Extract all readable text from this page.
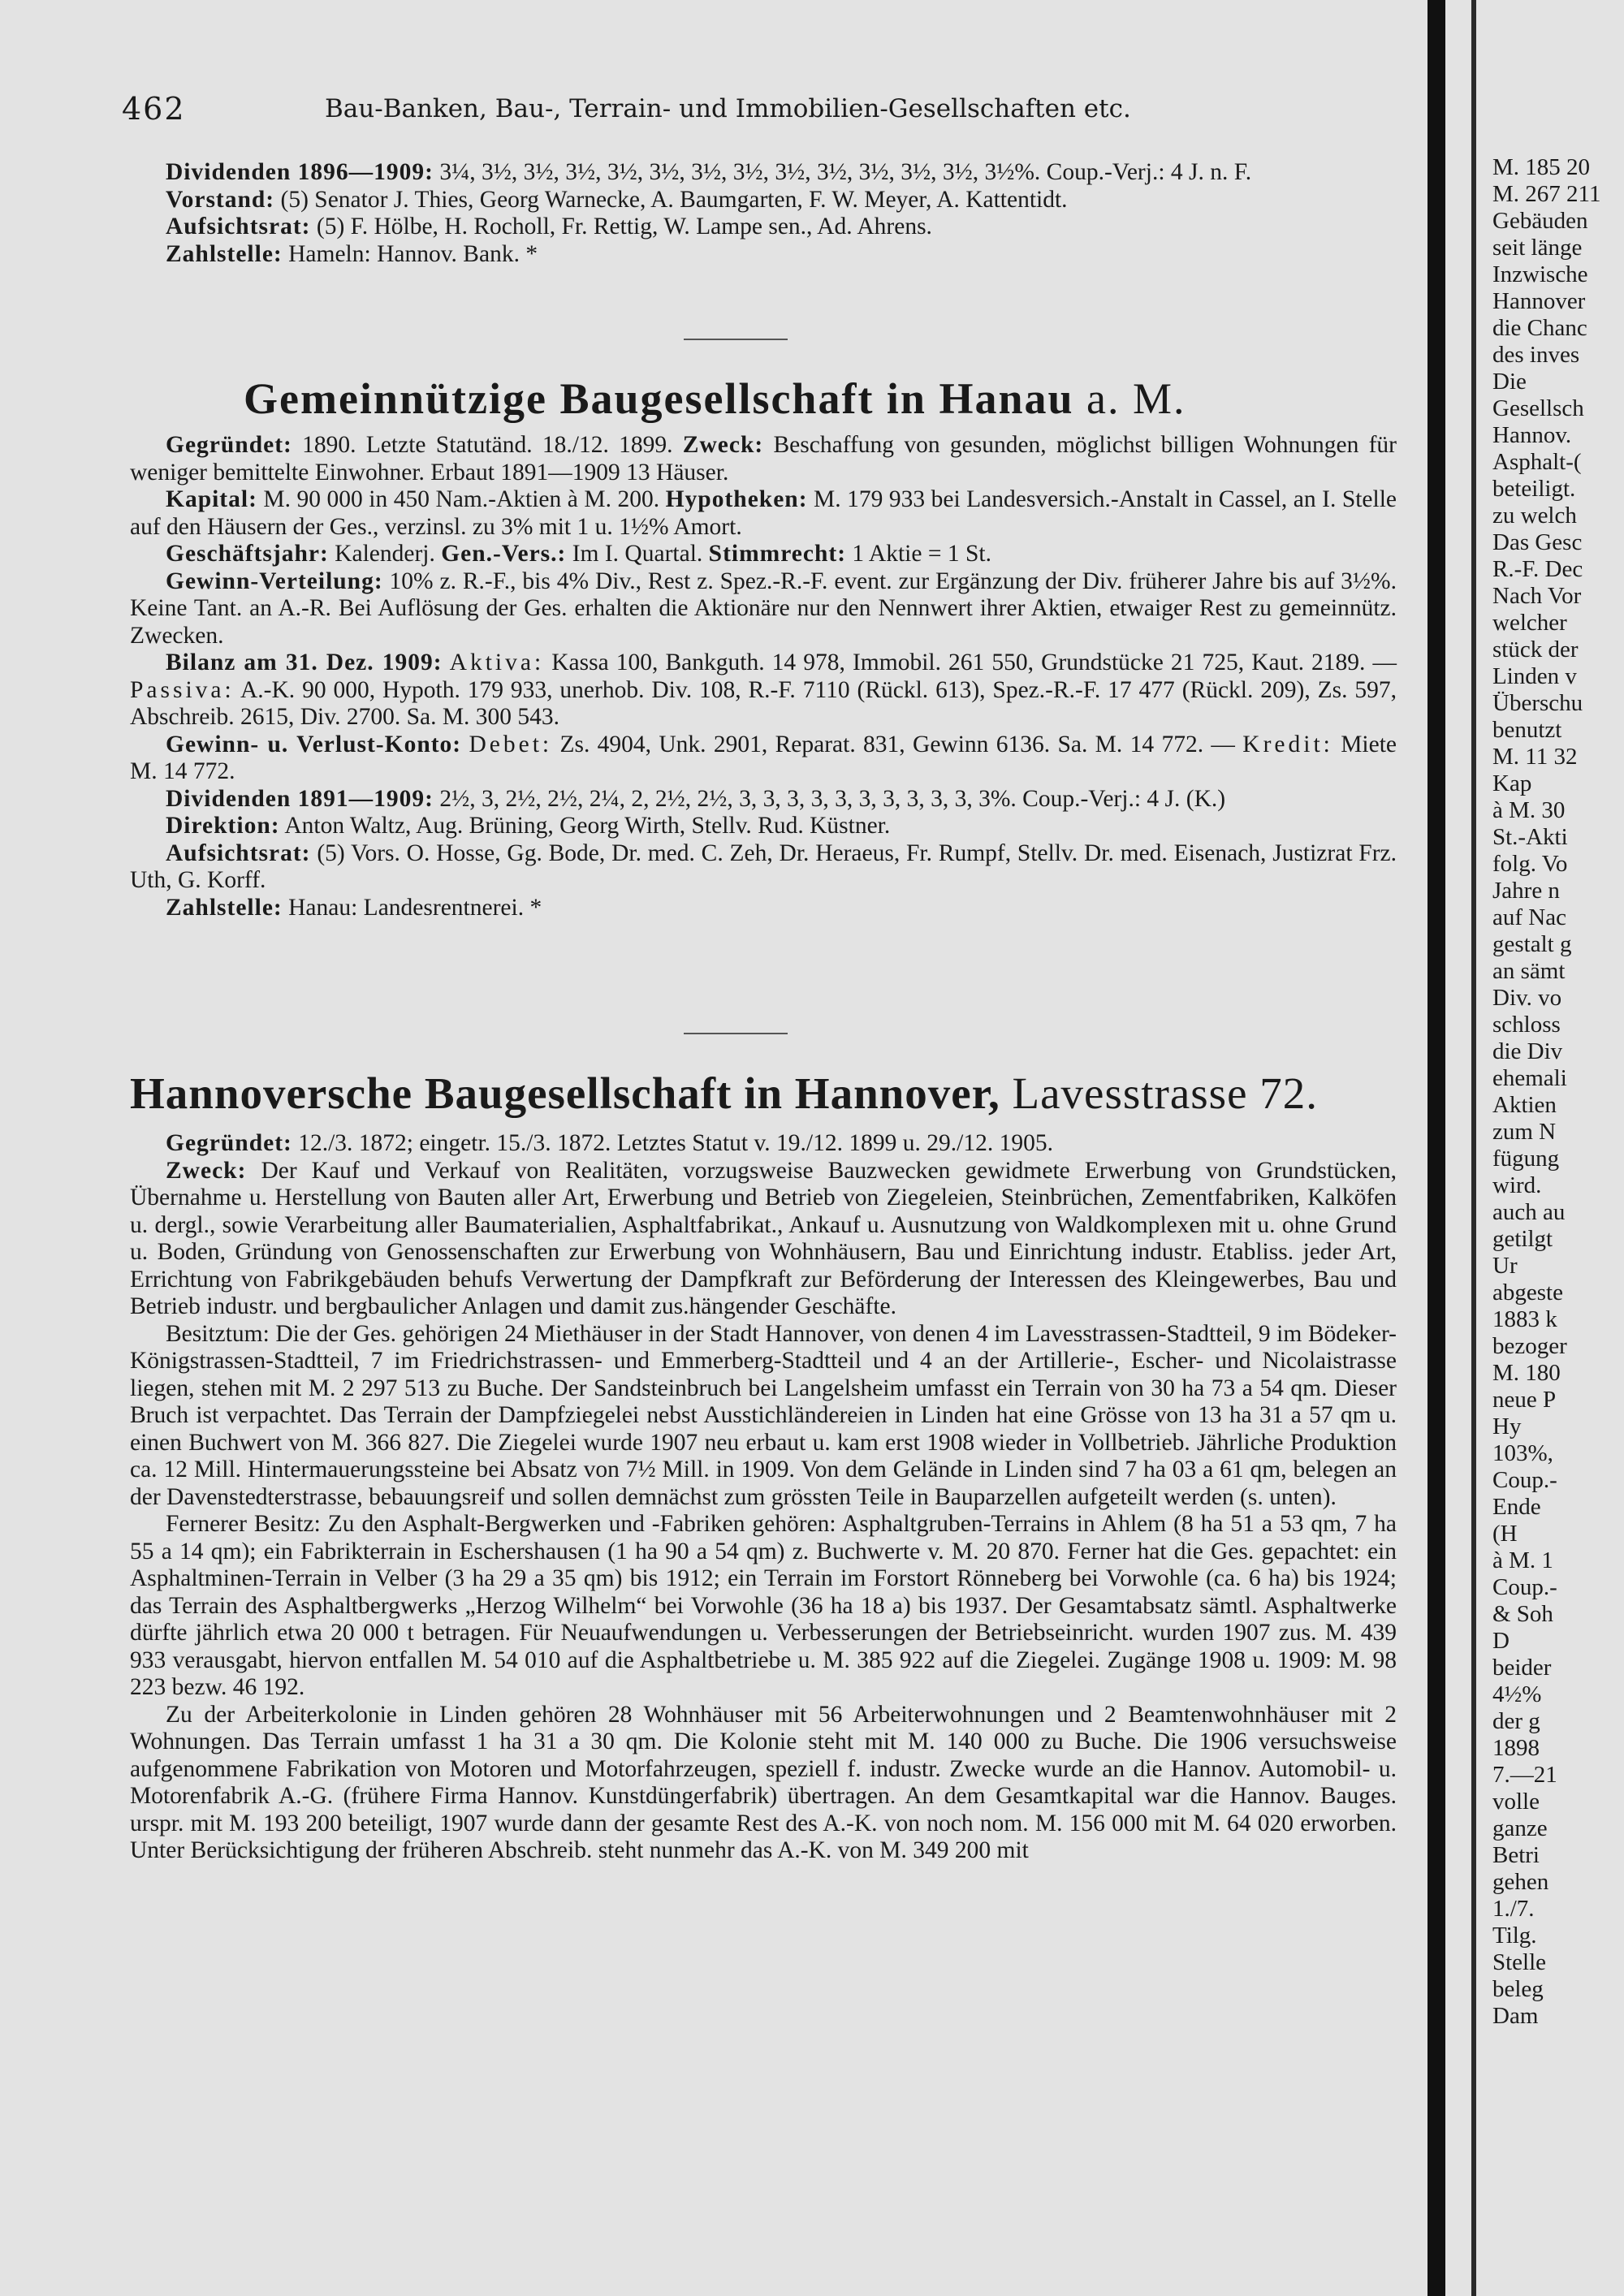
462	Bau-Banken, Bau-, Terrain- und Immobilien-Gesellschaften etc.

Dividenden 1896—1909: 3¼, 3½, 3½, 3½, 3½, 3½, 3½, 3½, 3½, 3½, 3½, 3½, 3½, 3½%. Coup.-Verj.: 4 J. n. F.

Vorstand: (5) Senator J. Thies, Georg Warnecke, A. Baumgarten, F. W. Meyer, A. Kattentidt.

Aufsichtsrat: (5) F. Hölbe, H. Rocholl, Fr. Rettig, W. Lampe sen., Ad. Ahrens.

Zahlstelle: Hameln: Hannov. Bank. *

Gemeinnützige Baugesellschaft in Hanau a. M.

Gegründet: 1890. Letzte Statutänd. 18./12. 1899. Zweck: Beschaffung von gesunden, möglichst billigen Wohnungen für weniger bemittelte Einwohner. Erbaut 1891—1909 13 Häuser.

Kapital: M. 90 000 in 450 Nam.-Aktien à M. 200. Hypotheken: M. 179 933 bei Landesversich.-Anstalt in Cassel, an I. Stelle auf den Häusern der Ges., verzinsl. zu 3% mit 1 u. 1½% Amort.

Geschäftsjahr: Kalenderj. Gen.-Vers.: Im I. Quartal. Stimmrecht: 1 Aktie = 1 St.

Gewinn-Verteilung: 10% z. R.-F., bis 4% Div., Rest z. Spez.-R.-F. event. zur Ergänzung der Div. früherer Jahre bis auf 3½%. Keine Tant. an A.-R. Bei Auflösung der Ges. erhalten die Aktionäre nur den Nennwert ihrer Aktien, etwaiger Rest zu gemeinnütz. Zwecken.

Bilanz am 31. Dez. 1909: Aktiva: Kassa 100, Bankguth. 14 978, Immobil. 261 550, Grundstücke 21 725, Kaut. 2189. — Passiva: A.-K. 90 000, Hypoth. 179 933, unerhob. Div. 108, R.-F. 7110 (Rückl. 613), Spez.-R.-F. 17 477 (Rückl. 209), Zs. 597, Abschreib. 2615, Div. 2700. Sa. M. 300 543.

Gewinn- u. Verlust-Konto: Debet: Zs. 4904, Unk. 2901, Reparat. 831, Gewinn 6136. Sa. M. 14 772. — Kredit: Miete M. 14 772.

Dividenden 1891—1909: 2½, 3, 2½, 2½, 2¼, 2, 2½, 2½, 3, 3, 3, 3, 3, 3, 3, 3, 3, 3, 3%. Coup.-Verj.: 4 J. (K.)

Direktion: Anton Waltz, Aug. Brüning, Georg Wirth, Stellv. Rud. Küstner.

Aufsichtsrat: (5) Vors. O. Hosse, Gg. Bode, Dr. med. C. Zeh, Dr. Heraeus, Fr. Rumpf, Stellv. Dr. med. Eisenach, Justizrat Frz. Uth, G. Korff.

Zahlstelle: Hanau: Landesrentnerei. *

Hannoversche Baugesellschaft in Hannover, Lavesstrasse 72.

Gegründet: 12./3. 1872; eingetr. 15./3. 1872. Letztes Statut v. 19./12. 1899 u. 29./12. 1905.

Zweck: Der Kauf und Verkauf von Realitäten, vorzugsweise Bauzwecken gewidmete Erwerbung von Grundstücken, Übernahme u. Herstellung von Bauten aller Art, Erwerbung und Betrieb von Ziegeleien, Steinbrüchen, Zementfabriken, Kalköfen u. dergl., sowie Verarbeitung aller Baumaterialien, Asphaltfabrikat., Ankauf u. Ausnutzung von Waldkomplexen mit u. ohne Grund u. Boden, Gründung von Genossenschaften zur Erwerbung von Wohnhäusern, Bau und Einrichtung industr. Etabliss. jeder Art, Errichtung von Fabrikgebäuden behufs Verwertung der Dampfkraft zur Beförderung der Interessen des Kleingewerbes, Bau und Betrieb industr. und bergbaulicher Anlagen und damit zus.hängender Geschäfte.

Besitztum: Die der Ges. gehörigen 24 Miethäuser in der Stadt Hannover, von denen 4 im Lavesstrassen-Stadtteil, 9 im Bödeker-Königstrassen-Stadtteil, 7 im Friedrichstrassen- und Emmerberg-Stadtteil und 4 an der Artillerie-, Escher- und Nicolaistrasse liegen, stehen mit M. 2 297 513 zu Buche. Der Sandsteinbruch bei Langelsheim umfasst ein Terrain von 30 ha 73 a 54 qm. Dieser Bruch ist verpachtet. Das Terrain der Dampfziegelei nebst Ausstichländereien in Linden hat eine Grösse von 13 ha 31 a 57 qm u. einen Buchwert von M. 366 827. Die Ziegelei wurde 1907 neu erbaut u. kam erst 1908 wieder in Vollbetrieb. Jährliche Produktion ca. 12 Mill. Hintermauerungssteine bei Absatz von 7½ Mill. in 1909. Von dem Gelände in Linden sind 7 ha 03 a 61 qm, belegen an der Davenstedterstrasse, bebauungsreif und sollen demnächst zum grössten Teile in Bauparzellen aufgeteilt werden (s. unten).

Fernerer Besitz: Zu den Asphalt-Bergwerken und -Fabriken gehören: Asphaltgruben-Terrains in Ahlem (8 ha 51 a 53 qm, 7 ha 55 a 14 qm); ein Fabrikterrain in Eschershausen (1 ha 90 a 54 qm) z. Buchwerte v. M. 20 870. Ferner hat die Ges. gepachtet: ein Asphaltminen-Terrain in Velber (3 ha 29 a 35 qm) bis 1912; ein Terrain im Forstort Rönneberg bei Vorwohle (ca. 6 ha) bis 1924; das Terrain des Asphaltbergwerks „Herzog Wilhelm“ bei Vorwohle (36 ha 18 a) bis 1937. Der Gesamtabsatz sämtl. Asphaltwerke dürfte jährlich etwa 20 000 t betragen. Für Neuaufwendungen u. Verbesserungen der Betriebseinricht. wurden 1907 zus. M. 439 933 verausgabt, hiervon entfallen M. 54 010 auf die Asphaltbetriebe u. M. 385 922 auf die Ziegelei. Zugänge 1908 u. 1909: M. 98 223 bezw. 46 192.

Zu der Arbeiterkolonie in Linden gehören 28 Wohnhäuser mit 56 Arbeiterwohnungen und 2 Beamtenwohnhäuser mit 2 Wohnungen. Das Terrain umfasst 1 ha 31 a 30 qm. Die Kolonie steht mit M. 140 000 zu Buche. Die 1906 versuchsweise aufgenommene Fabrikation von Motoren und Motorfahrzeugen, speziell f. industr. Zwecke wurde an die Hannov. Automobil- u. Motorenfabrik A.-G. (frühere Firma Hannov. Kunstdüngerfabrik) übertragen. An dem Gesamtkapital war die Hannov. Bauges. urspr. mit M. 193 200 beteiligt, 1907 wurde dann der gesamte Rest des A.-K. von noch nom. M. 156 000 mit M. 64 020 erworben. Unter Berücksichtigung der früheren Abschreib. steht nunmehr das A.-K. von M. 349 200 mit

M. 185 20
M. 267 211
Gebäuden
seit länge
Inzwische
Hannover
die Chanc
des inves
Die
Gesellsch
Hannov.
Asphalt-(
beteiligt.
zu welch
Das Gesc
R.-F. Dec
Nach Vor
welcher
stück der
Linden v
Überschu
benutzt
M. 11 32
Kap
à M. 30
St.-Akti
folg. Vo
Jahre n
auf Nac
gestalt g
an sämt
Div. vo
schloss
die Div
ehemali
Aktien
zum N
fügung
wird.
auch au
getilgt
Ur
abgeste
1883 k
bezoger
M. 180
neue P
Hy
103%,
Coup.-
Ende
(H
à M. 1
Coup.-
& Soh
D
beider
4½%
der g
1898
7.—21
volle
ganze
Betri
gehen
1./7.
Tilg.
Stelle
beleg
Dam
